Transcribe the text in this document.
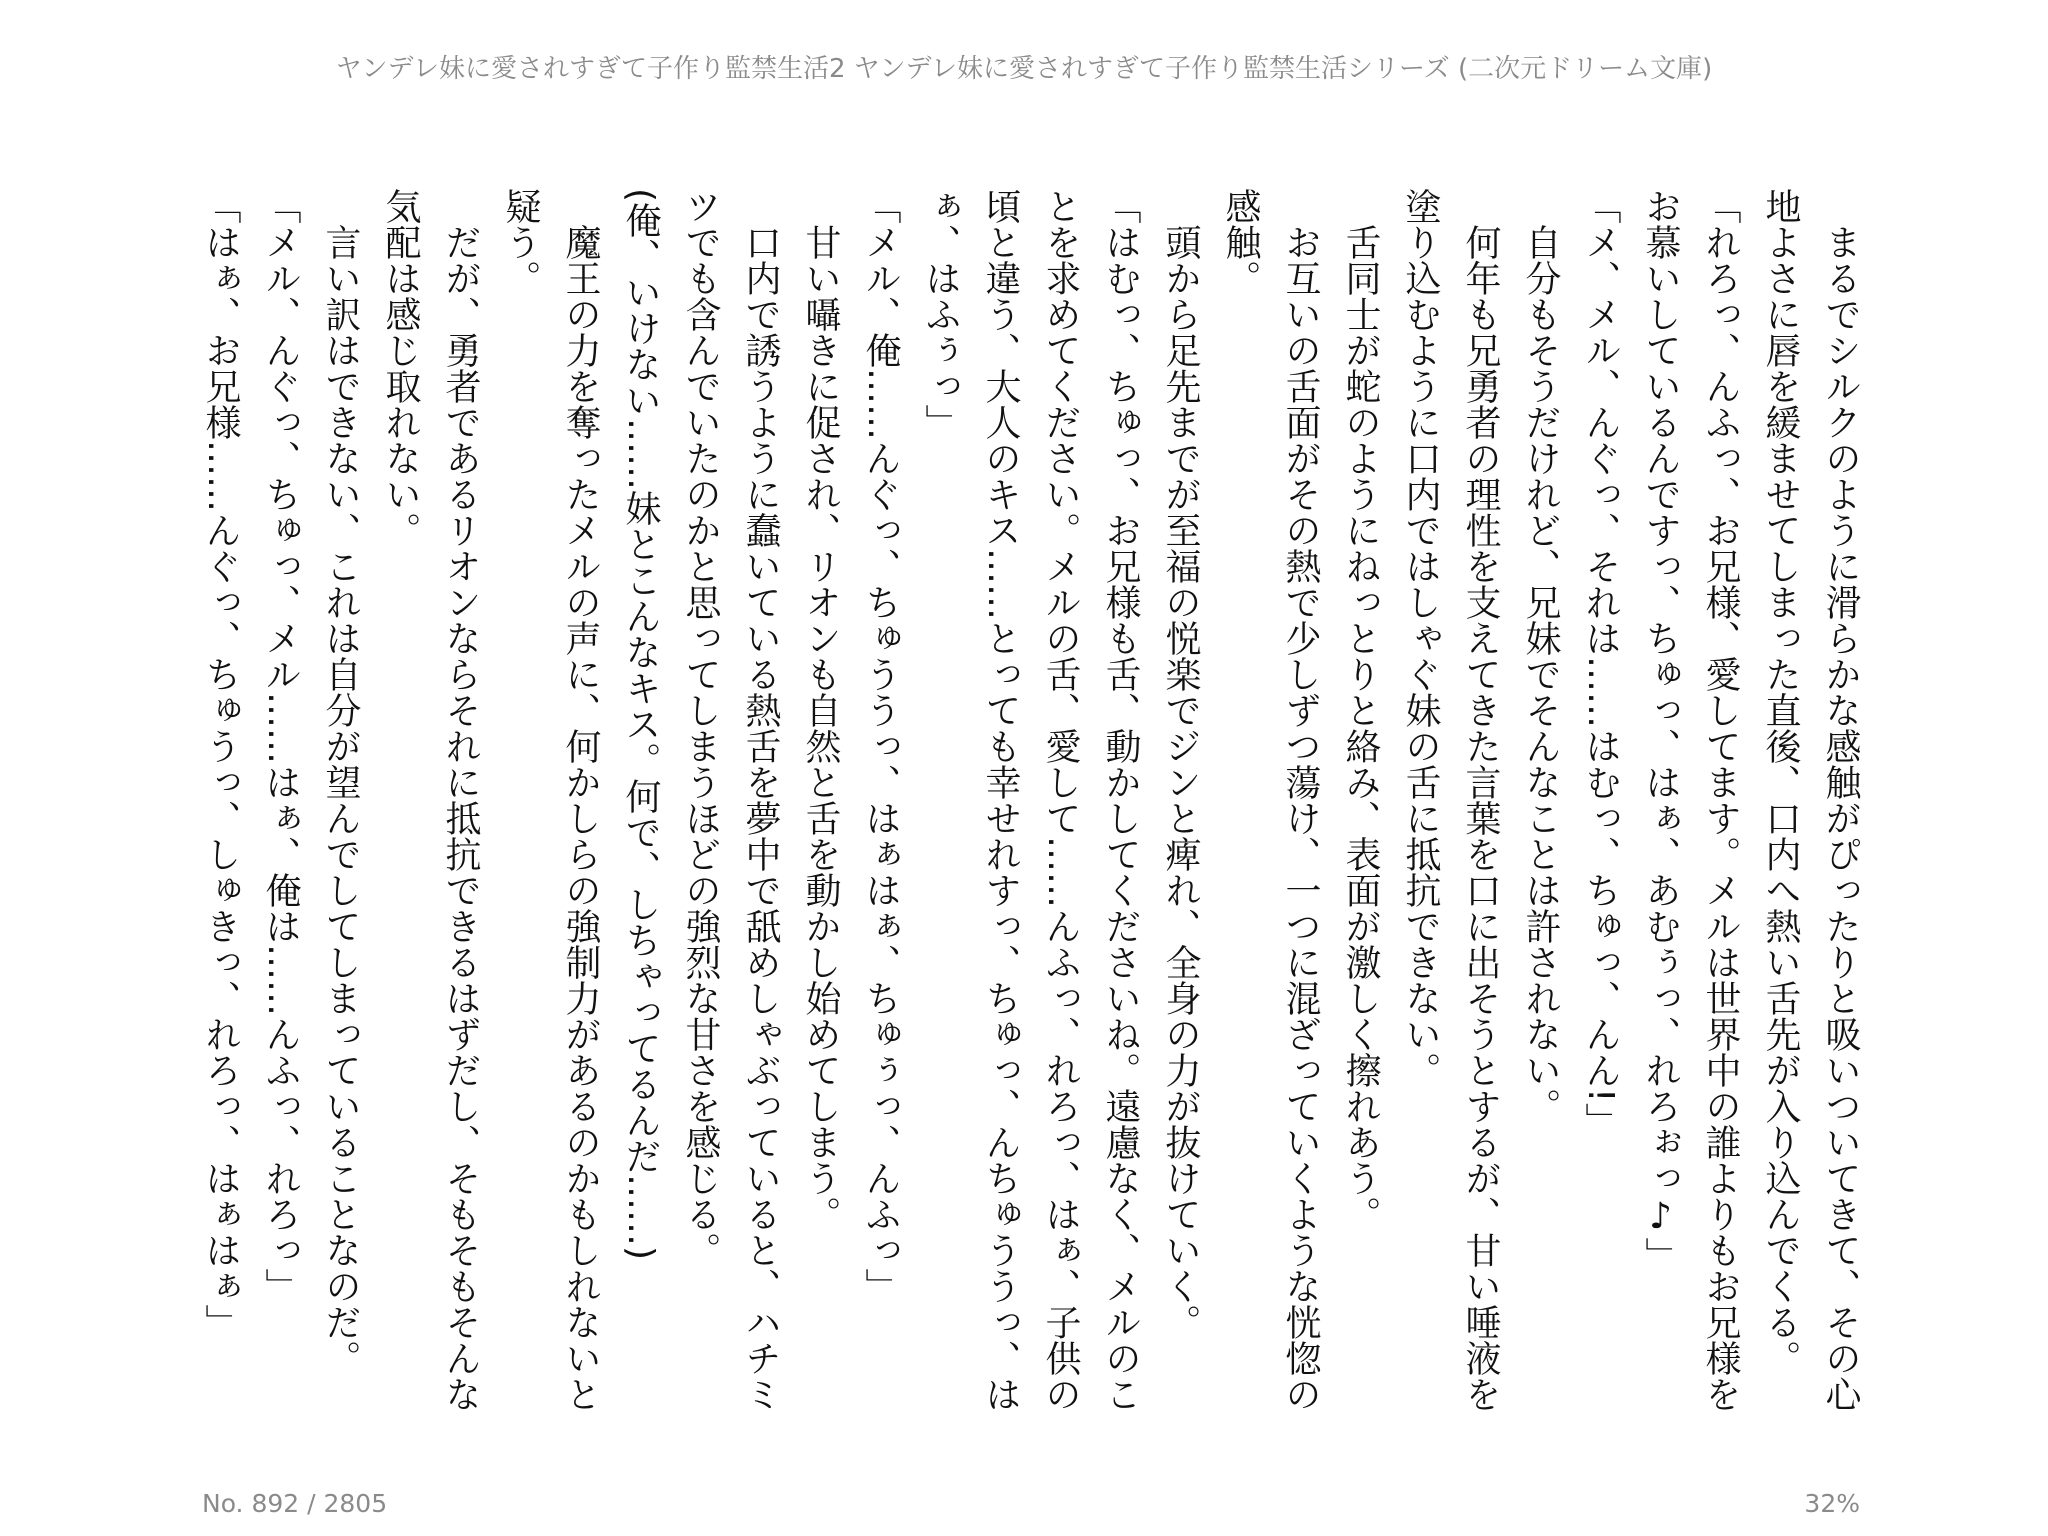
ヤンデレ妹に愛されすぎて子作り監禁生活2 ヤンデレ妹に愛されすぎて子作り監禁生活シリーズ (二次元ドリーム文庫)

まるでシルクのように滑らかな感触がぴったりと吸いついてきて、その心地よさに唇を緩ませてしまった直後、口内へ熱い舌先が入り込んでくる。

「れろっ、んふっ、お兄様、愛してます。メルは世界中の誰よりもお兄様をお慕いしているんですっ、ちゅっ、はぁ、あむぅっ、れろぉっ♪」

「メ、メル、んぐっ、それは……はむっ、ちゅっ、んん!」

自分もそうだけれど、兄妹でそんなことは許されない。

何年も兄勇者の理性を支えてきた言葉を口に出そうとするが、甘い唾液を塗り込むように口内ではしゃぐ妹の舌に抵抗できない。

舌同士が蛇のようにねっとりと絡み、表面が激しく擦れあう。

お互いの舌面がその熱で少しずつ蕩け、一つに混ざっていくような恍惚の感触。

頭から足先までが至福の悦楽でジンと痺れ、全身の力が抜けていく。

「はむっ、ちゅっ、お兄様も舌、動かしてくださいね。遠慮なく、メルのことを求めてください。メルの舌、愛して……んふっ、れろっ、はぁ、子供の頃と違う、大人のキス……とっても幸せれすっ、ちゅっ、んちゅううっ、はぁ、はふぅっ」

「メル、俺……んぐっ、ちゅううっ、はぁはぁ、ちゅぅっ、んふっ」

甘い囁きに促され、リオンも自然と舌を動かし始めてしまう。

口内で誘うように蠢いている熱舌を夢中で舐めしゃぶっていると、ハチミツでも含んでいたのかと思ってしまうほどの強烈な甘さを感じる。

(俺、いけない……妹とこんなキス。何で、しちゃってるんだ……)

魔王の力を奪ったメルの声に、何かしらの強制力があるのかもしれないと疑う。

だが、勇者であるリオンならそれに抵抗できるはずだし、そもそもそんな気配は感じ取れない。

言い訳はできない、これは自分が望んでしてしまっていることなのだ。

「メル、んぐっ、ちゅっ、メル……はぁ、俺は……んふっ、れろっ」

「はぁ、お兄様……んぐっ、ちゅうっ、しゅきっ、れろっ、はぁはぁ」

No. 892 / 2805	32%
